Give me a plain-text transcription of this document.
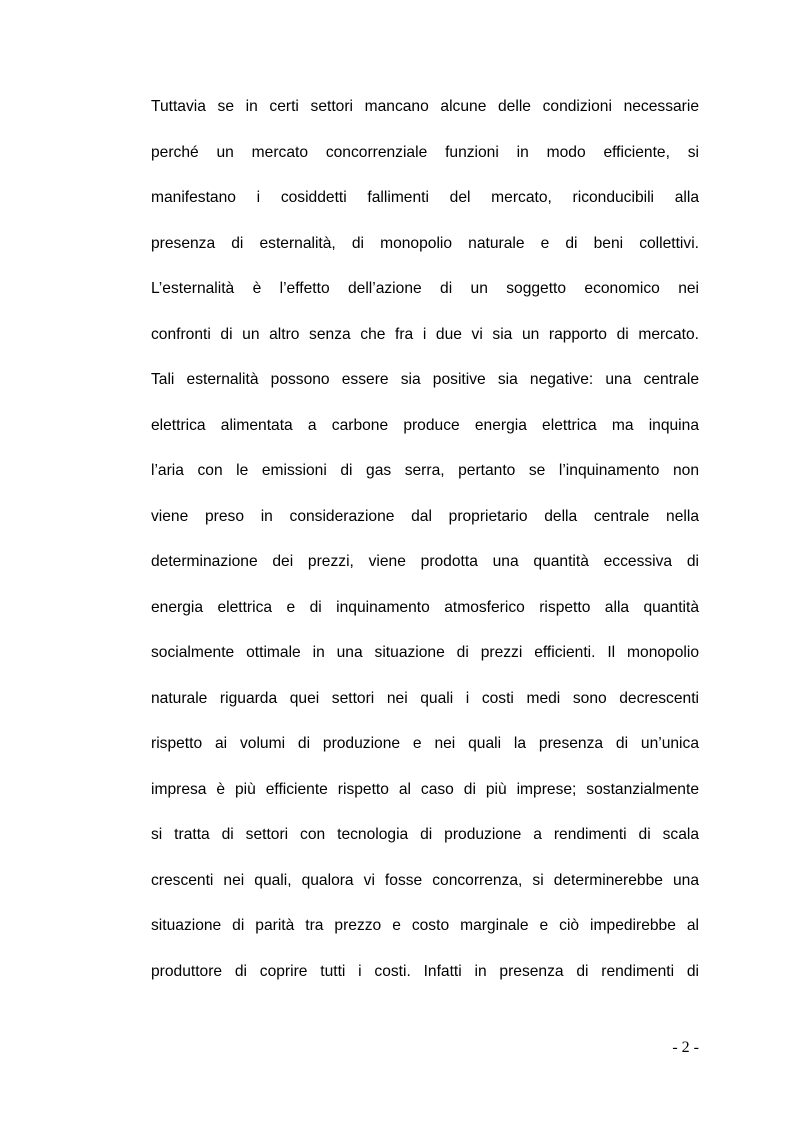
Tuttavia se in certi settori mancano alcune delle condizioni necessarie
perché un mercato concorrenziale funzioni in modo efficiente, si
manifestano i cosiddetti fallimenti del mercato, riconducibili alla
presenza di esternalità, di monopolio naturale e di beni collettivi.
L’esternalità è l’effetto dell’azione di un soggetto economico nei
confronti di un altro senza che fra i due vi sia un rapporto di mercato.
Tali esternalità possono essere sia positive sia negative: una centrale
elettrica alimentata a carbone produce energia elettrica ma inquina
l’aria con le emissioni di gas serra, pertanto se l’inquinamento non
viene preso in considerazione dal proprietario della centrale nella
determinazione dei prezzi, viene prodotta una quantità eccessiva di
energia elettrica e di inquinamento atmosferico rispetto alla quantità
socialmente ottimale in una situazione di prezzi efficienti. Il monopolio
naturale riguarda quei settori nei quali i costi medi sono decrescenti
rispetto ai volumi di produzione e nei quali la presenza di un’unica
impresa è più efficiente rispetto al caso di più imprese; sostanzialmente
si tratta di settori con tecnologia di produzione a rendimenti di scala
crescenti nei quali, qualora vi fosse concorrenza, si determinerebbe una
situazione di parità tra prezzo e costo marginale e ciò impedirebbe al
produttore di coprire tutti i costi. Infatti in presenza di rendimenti di
- 2 -
